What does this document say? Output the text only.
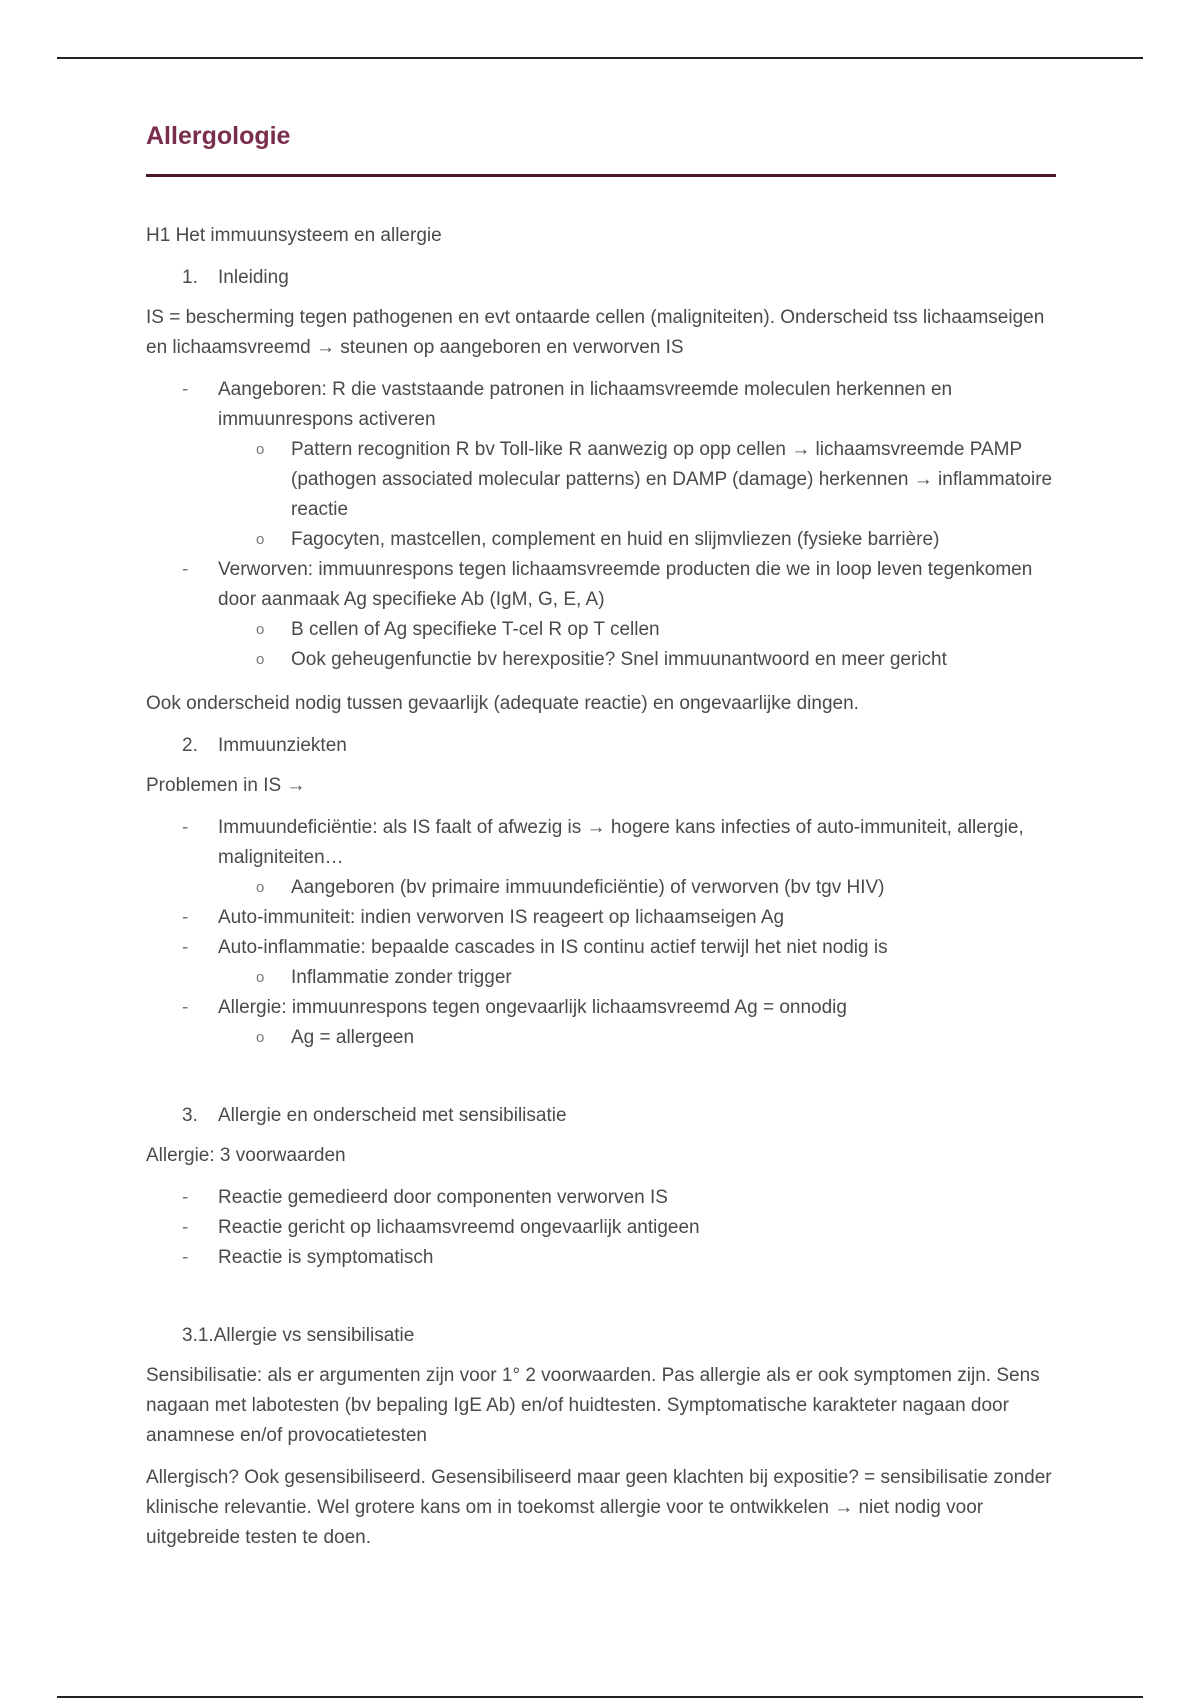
Allergologie

H1 Het immuunsysteem en allergie

1. Inleiding

IS = bescherming tegen pathogenen en evt ontaarde cellen (maligniteiten). Onderscheid tss lichaamseigen en lichaamsvreemd → steunen op aangeboren en verworven IS

- Aangeboren: R die vaststaande patronen in lichaamsvreemde moleculen herkennen en immuunrespons activeren
o Pattern recognition R bv Toll-like R aanwezig op opp cellen → lichaamsvreemde PAMP (pathogen associated molecular patterns) en DAMP (damage) herkennen → inflammatoire reactie
o Fagocyten, mastcellen, complement en huid en slijmvliezen (fysieke barrière)
- Verworven: immuunrespons tegen lichaamsvreemde producten die we in loop leven tegenkomen door aanmaak Ag specifieke Ab (IgM, G, E, A)
o B cellen of Ag specifieke T-cel R op T cellen
o Ook geheugenfunctie bv herexpositie? Snel immuunantwoord en meer gericht

Ook onderscheid nodig tussen gevaarlijk (adequate reactie) en ongevaarlijke dingen.

2. Immuunziekten

Problemen in IS →

- Immuundeficiëntie: als IS faalt of afwezig is → hogere kans infecties of auto-immuniteit, allergie, maligniteiten…
o Aangeboren (bv primaire immuundeficiëntie) of verworven (bv tgv HIV)
- Auto-immuniteit: indien verworven IS reageert op lichaamseigen Ag
- Auto-inflammatie: bepaalde cascades in IS continu actief terwijl het niet nodig is
o Inflammatie zonder trigger
- Allergie: immuunrespons tegen ongevaarlijk lichaamsvreemd Ag = onnodig
o Ag = allergeen

3. Allergie en onderscheid met sensibilisatie

Allergie: 3 voorwaarden

- Reactie gemedieerd door componenten verworven IS
- Reactie gericht op lichaamsvreemd ongevaarlijk antigeen
- Reactie is symptomatisch

3.1.Allergie vs sensibilisatie

Sensibilisatie: als er argumenten zijn voor 1° 2 voorwaarden. Pas allergie als er ook symptomen zijn. Sens nagaan met labotesten (bv bepaling IgE Ab) en/of huidtesten. Symptomatische karakteter nagaan door anamnese en/of provocatietesten

Allergisch? Ook gesensibiliseerd. Gesensibiliseerd maar geen klachten bij expositie? = sensibilisatie zonder klinische relevantie. Wel grotere kans om in toekomst allergie voor te ontwikkelen → niet nodig voor uitgebreide testen te doen.
